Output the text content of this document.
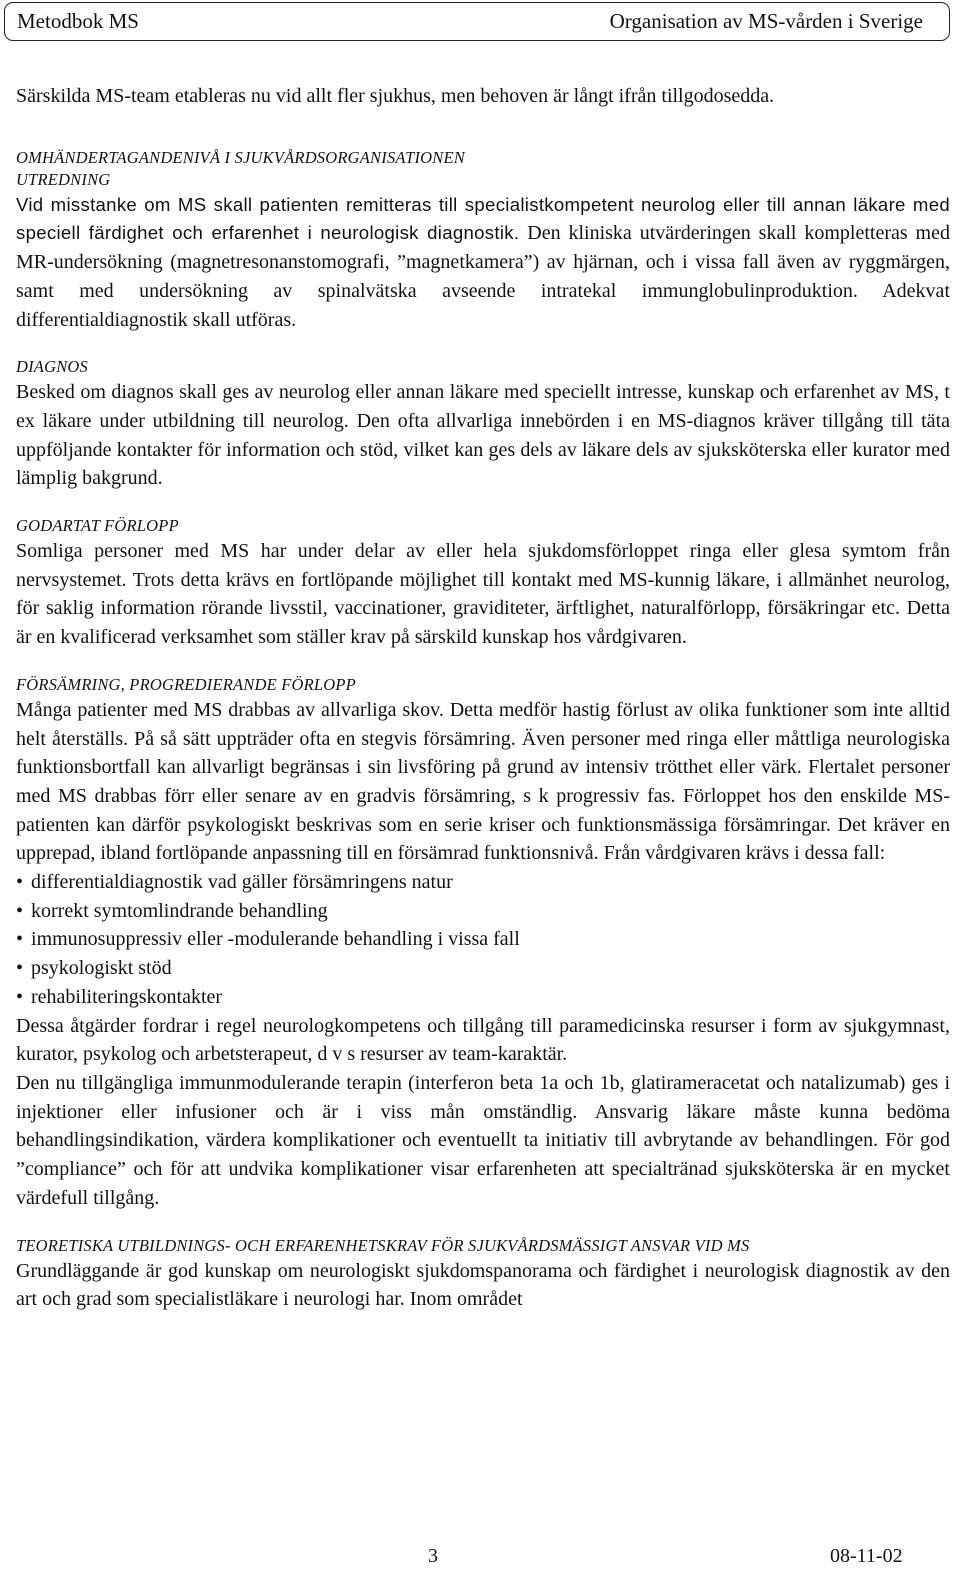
Metodbok MS	Organisation av MS-vården i Sverige

Särskilda MS-team etableras nu vid allt fler sjukhus, men behoven är långt ifrån tillgodosedda.

OMHÄNDERTAGANDENIVÅ I SJUKVÅRDSORGANISATIONEN

UTREDNING

Vid misstanke om MS skall patienten remitteras till specialistkompetent neurolog eller till annan läkare med speciell färdighet och erfarenhet i neurologisk diagnostik. Den kliniska utvärderingen skall kompletteras med MR-undersökning (magnetresonanstomografi, ”magnetkamera”) av hjärnan, och i vissa fall även av ryggmärgen, samt med undersökning av spinalvätska avseende intratekal immunglobulinproduktion. Adekvat differentialdiagnostik skall utföras.

DIAGNOS

Besked om diagnos skall ges av neurolog eller annan läkare med speciellt intresse, kunskap och erfarenhet av MS, t ex läkare under utbildning till neurolog. Den ofta allvarliga innebörden i en MS-diagnos kräver tillgång till täta uppföljande kontakter för information och stöd, vilket kan ges dels av läkare dels av sjuksköterska eller kurator med lämplig bakgrund.

GODARTAT FÖRLOPP

Somliga personer med MS har under delar av eller hela sjukdomsförloppet ringa eller glesa symtom från nervsystemet. Trots detta krävs en fortlöpande möjlighet till kontakt med MS-kunnig läkare, i allmänhet neurolog, för saklig information rörande livsstil, vaccinationer, graviditeter, ärftlighet, naturalförlopp, försäkringar etc. Detta är en kvalificerad verksamhet som ställer krav på särskild kunskap hos vårdgivaren.

FÖRSÄMRING, PROGREDIERANDE FÖRLOPP

Många patienter med MS drabbas av allvarliga skov. Detta medför hastig förlust av olika funktioner som inte alltid helt återställs. På så sätt uppträder ofta en stegvis försämring. Även personer med ringa eller måttliga neurologiska funktionsbortfall kan allvarligt begränsas i sin livsföring på grund av intensiv trötthet eller värk. Flertalet personer med MS drabbas förr eller senare av en gradvis försämring, s k progressiv fas. Förloppet hos den enskilde MS-patienten kan därför psykologiskt beskrivas som en serie kriser och funktionsmässiga försämringar. Det kräver en upprepad, ibland fortlöpande anpassning till en försämrad funktionsnivå. Från vårdgivaren krävs i dessa fall:

• differentialdiagnostik vad gäller försämringens natur
• korrekt symtomlindrande behandling
• immunosuppressiv eller -modulerande behandling i vissa fall
• psykologiskt stöd
• rehabiliteringskontakter

Dessa åtgärder fordrar i regel neurologkompetens och tillgång till paramedicinska resurser i form av sjukgymnast, kurator, psykolog och arbetsterapeut, d v s resurser av team-karaktär.

Den nu tillgängliga immunmodulerande terapin (interferon beta 1a och 1b, glatirameracetat och natalizumab) ges i injektioner eller infusioner och är i viss mån omständlig. Ansvarig läkare måste kunna bedöma behandlingsindikation, värdera komplikationer och eventuellt ta initiativ till avbrytande av behandlingen. För god ”compliance” och för att undvika komplikationer visar erfarenheten att specialtränad sjuksköterska är en mycket värdefull tillgång.

TEORETISKA UTBILDNINGS- OCH ERFARENHETSKRAV FÖR SJUKVÅRDSMÄSSIGT ANSVAR VID MS

Grundläggande är god kunskap om neurologiskt sjukdomspanorama och färdighet i neurologisk diagnostik av den art och grad som specialistläkare i neurologi har. Inom området

3	08-11-02
